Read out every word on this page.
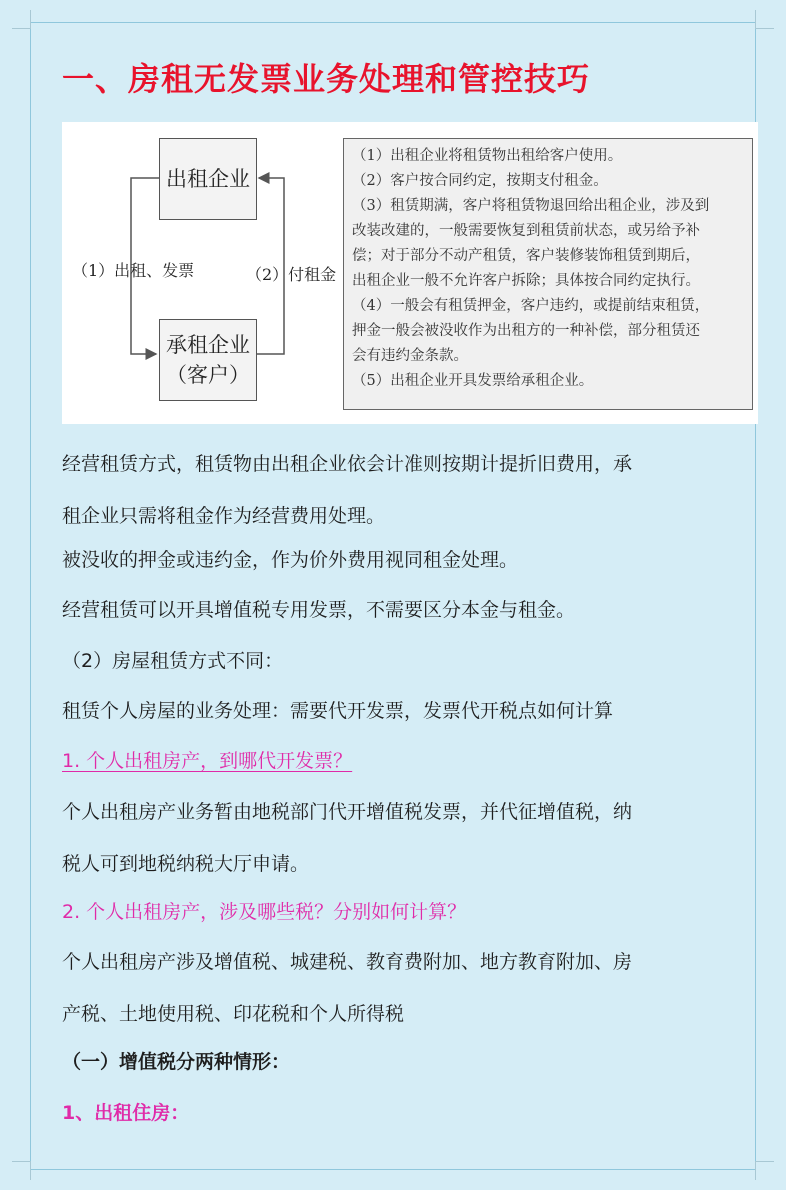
一、房租无发票业务处理和管控技巧
出租企业
承租企业
（客户）
（1）出租、发票	（2）付租金

（1）出租企业将租赁物出租给客户使用。

（2）客户按合同约定，按期支付租金。

（3）租赁期满，客户将租赁物退回给出租企业，涉及到

改装改建的，一般需要恢复到租赁前状态，或另给予补

偿；对于部分不动产租赁，客户装修装饰租赁到期后，

出租企业一般不允许客户拆除；具体按合同约定执行。

（4）一般会有租赁押金，客户违约，或提前结束租赁，

押金一般会被没收作为出租方的一种补偿，部分租赁还

会有违约金条款。

（5）出租企业开具发票给承租企业。

经营租赁方式，租赁物由出租企业依会计准则按期计提折旧费用，承
租企业只需将租金作为经营费用处理。
被没收的押金或违约金，作为价外费用视同租金处理。
经营租赁可以开具增值税专用发票，不需要区分本金与租金。
（2）房屋租赁方式不同：
租赁个人房屋的业务处理：需要代开发票，发票代开税点如何计算
1. 个人出租房产，到哪代开发票？
个人出租房产业务暂由地税部门代开增值税发票，并代征增值税，纳
税人可到地税纳税大厅申请。
2. 个人出租房产，涉及哪些税？分别如何计算？
个人出租房产涉及增值税、城建税、教育费附加、地方教育附加、房
产税、土地使用税、印花税和个人所得税
（一）增值税分两种情形：
1、出租住房：
